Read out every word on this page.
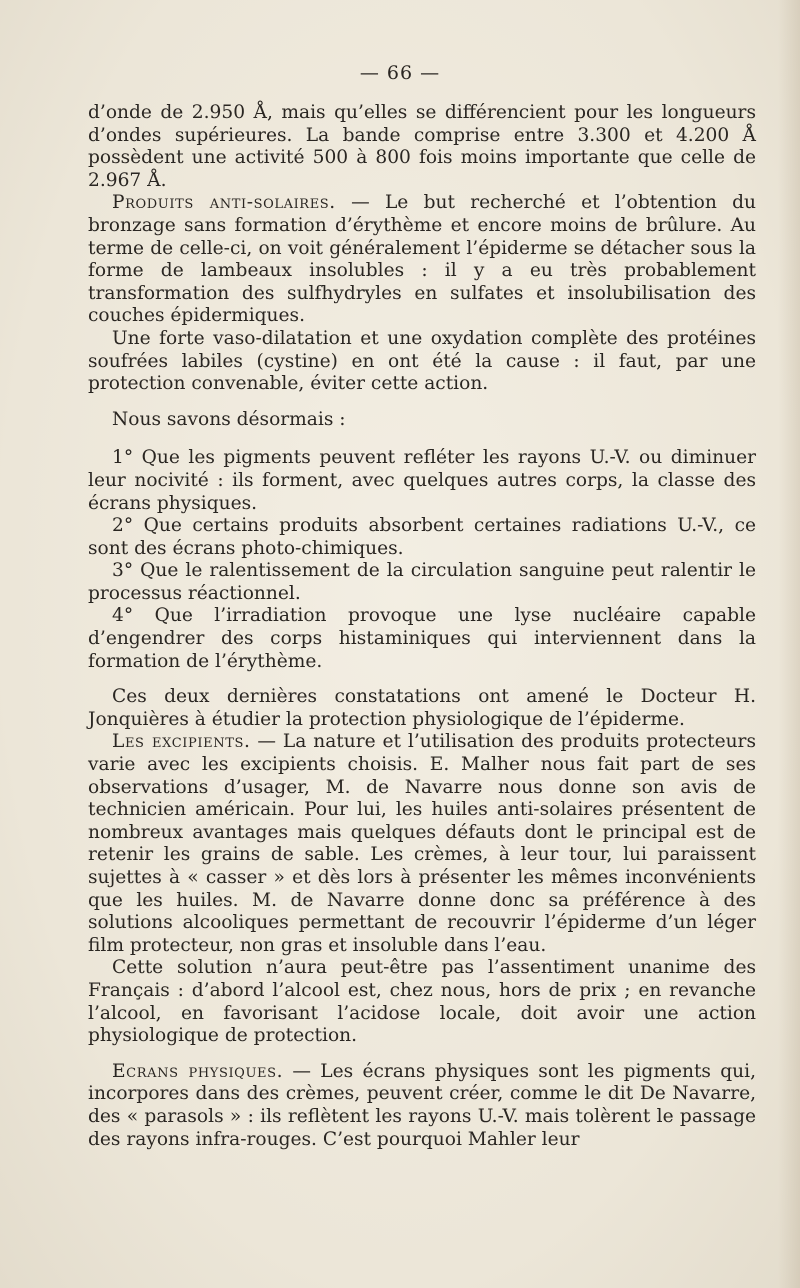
— 66 —

d’onde de 2.950 Å, mais qu’elles se différencient pour les longueurs d’ondes supérieures. La bande comprise entre 3.300 et 4.200 Å possèdent une activité 500 à 800 fois moins importante que celle de 2.967 Å.

Produits anti-solaires. — Le but recherché et l’obtention du bronzage sans formation d’érythème et encore moins de brûlure. Au terme de celle-ci, on voit généralement l’épiderme se détacher sous la forme de lambeaux insolubles : il y a eu très probablement transformation des sulfhydryles en sulfates et insolubilisation des couches épidermiques.

Une forte vaso-dilatation et une oxydation complète des protéines soufrées labiles (cystine) en ont été la cause : il faut, par une protection convenable, éviter cette action.

Nous savons désormais :

1° Que les pigments peuvent refléter les rayons U.-V. ou diminuer leur nocivité : ils forment, avec quelques autres corps, la classe des écrans physiques.

2° Que certains produits absorbent certaines radiations U.-V., ce sont des écrans photo-chimiques.

3° Que le ralentissement de la circulation sanguine peut ralentir le processus réactionnel.

4° Que l’irradiation provoque une lyse nucléaire capable d’engendrer des corps histaminiques qui interviennent dans la formation de l’érythème.

Ces deux dernières constatations ont amené le Docteur H. Jonquières à étudier la protection physiologique de l’épiderme.

Les excipients. — La nature et l’utilisation des produits protecteurs varie avec les excipients choisis. E. Malher nous fait part de ses observations d’usager, M. de Navarre nous donne son avis de technicien américain. Pour lui, les huiles anti-solaires présentent de nombreux avantages mais quelques défauts dont le principal est de retenir les grains de sable. Les crèmes, à leur tour, lui paraissent sujettes à « casser » et dès lors à présenter les mêmes inconvénients que les huiles. M. de Navarre donne donc sa préférence à des solutions alcooliques permettant de recouvrir l’épiderme d’un léger film protecteur, non gras et insoluble dans l’eau.

Cette solution n’aura peut-être pas l’assentiment unanime des Français : d’abord l’alcool est, chez nous, hors de prix ; en revanche l’alcool, en favorisant l’acidose locale, doit avoir une action physiologique de protection.

Ecrans physiques. — Les écrans physiques sont les pigments qui, incorpores dans des crèmes, peuvent créer, comme le dit De Navarre, des « parasols » : ils reflètent les rayons U.-V. mais tolèrent le passage des rayons infra-rouges. C’est pourquoi Mahler leur
